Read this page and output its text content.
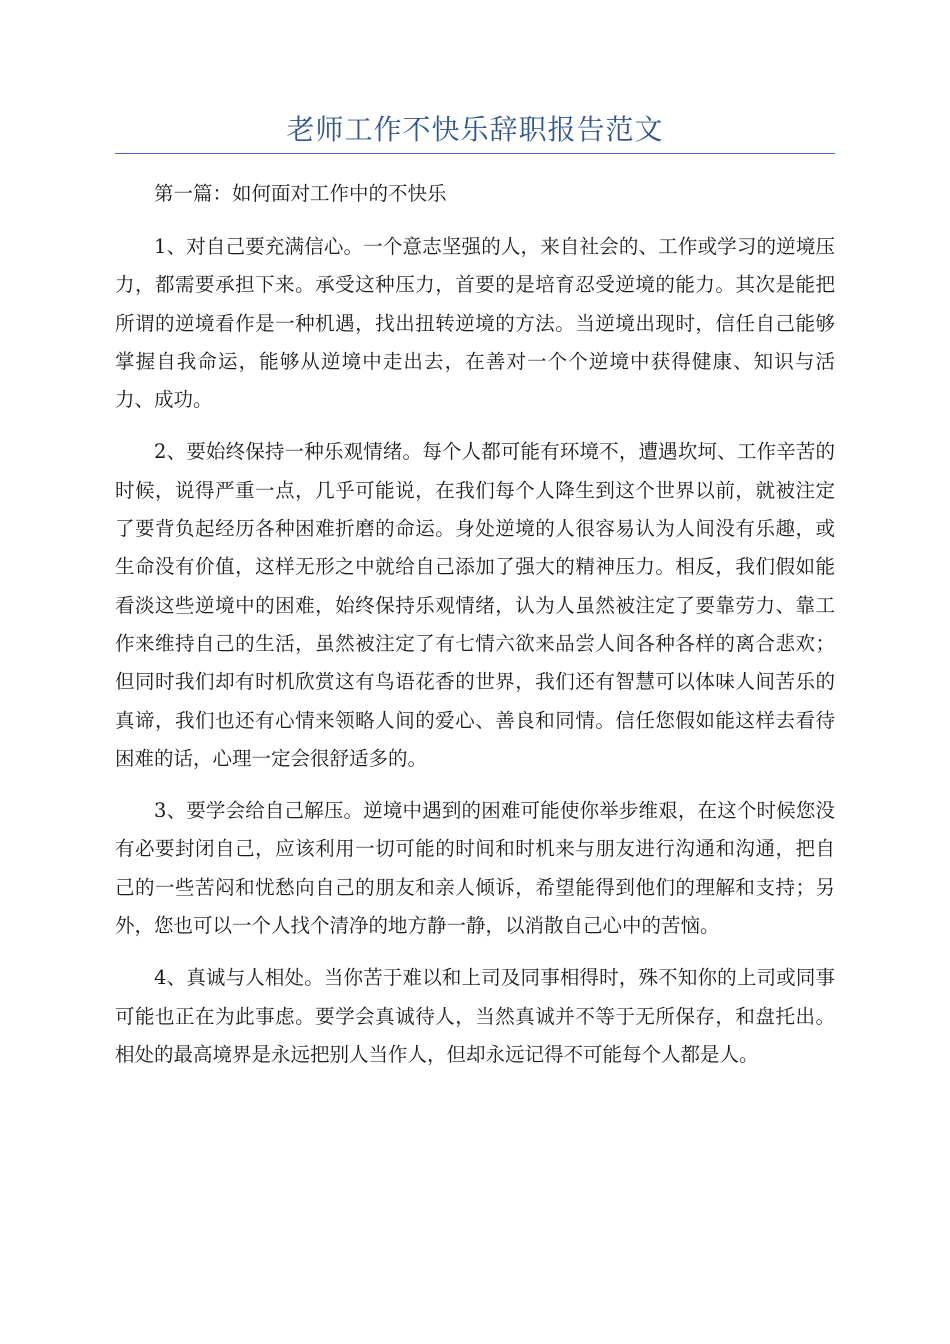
老师工作不快乐辞职报告范文

第一篇：如何面对工作中的不快乐

1、对自己要充满信心。一个意志坚强的人，来自社会的、工作或学习的逆境压力，都需要承担下来。承受这种压力，首要的是培育忍受逆境的能力。其次是能把所谓的逆境看作是一种机遇，找出扭转逆境的方法。当逆境出现时，信任自己能够掌握自我命运，能够从逆境中走出去，在善对一个个逆境中获得健康、知识与活力、成功。

2、要始终保持一种乐观情绪。每个人都可能有环境不，遭遇坎坷、工作辛苦的时候，说得严重一点，几乎可能说，在我们每个人降生到这个世界以前，就被注定了要背负起经历各种困难折磨的命运。身处逆境的人很容易认为人间没有乐趣，或生命没有价值，这样无形之中就给自己添加了强大的精神压力。相反，我们假如能看淡这些逆境中的困难，始终保持乐观情绪，认为人虽然被注定了要靠劳力、靠工作来维持自己的生活，虽然被注定了有七情六欲来品尝人间各种各样的离合悲欢；但同时我们却有时机欣赏这有鸟语花香的世界，我们还有智慧可以体味人间苦乐的真谛，我们也还有心情来领略人间的爱心、善良和同情。信任您假如能这样去看待困难的话，心理一定会很舒适多的。

3、要学会给自己解压。逆境中遇到的困难可能使你举步维艰，在这个时候您没有必要封闭自己，应该利用一切可能的时间和时机来与朋友进行沟通和沟通，把自己的一些苦闷和忧愁向自己的朋友和亲人倾诉，希望能得到他们的理解和支持；另外，您也可以一个人找个清净的地方静一静，以消散自己心中的苦恼。

4、真诚与人相处。当你苦于难以和上司及同事相得时，殊不知你的上司或同事可能也正在为此事虑。要学会真诚待人，当然真诚并不等于无所保存，和盘托出。相处的最高境界是永远把别人当作人，但却永远记得不可能每个人都是人。
